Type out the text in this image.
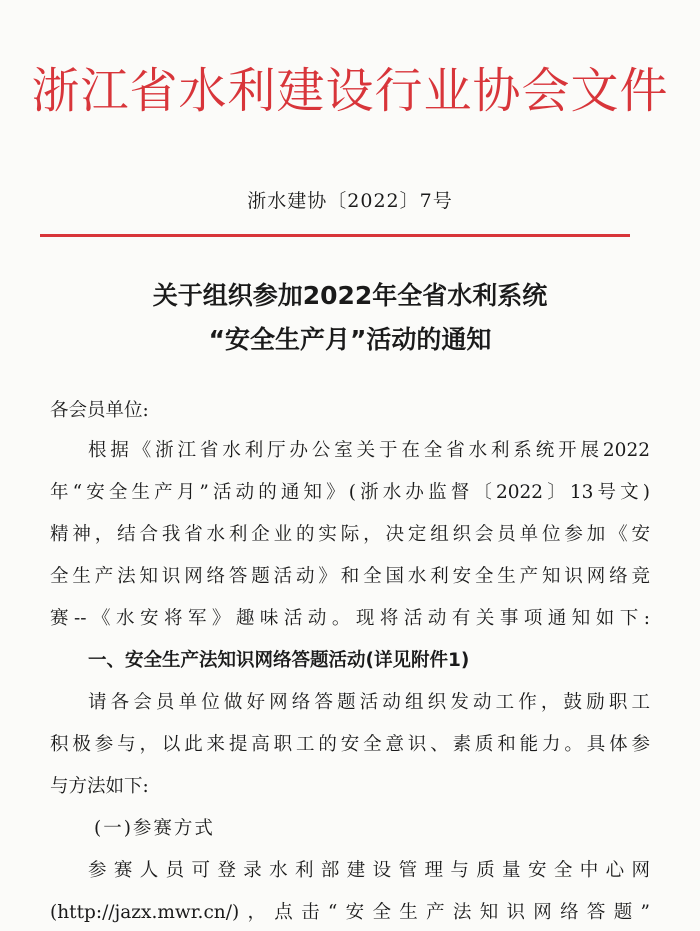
浙江省水利建设行业协会文件
浙水建协〔2022〕7号
关于组织参加2022年全省水利系统
“安全生产月”活动的通知
各会员单位:
根据《浙江省水利厅办公室关于在全省水利系统开展2022
年“安全生产月”活动的通知》(浙水办监督〔2022〕13号文)
精神，结合我省水利企业的实际，决定组织会员单位参加《安
全生产法知识网络答题活动》和全国水利安全生产知识网络竞
赛--《水安将军》趣味活动。现将活动有关事项通知如下:
一、安全生产法知识网络答题活动(详见附件1)
请各会员单位做好网络答题活动组织发动工作，鼓励职工
积极参与，以此来提高职工的安全意识、素质和能力。具体参
与方法如下:
(一)参赛方式
参赛人员可登录水利部建设管理与质量安全中心网
(http://jazx.mwr.cn/)，点击“安全生产法知识网络答题”
